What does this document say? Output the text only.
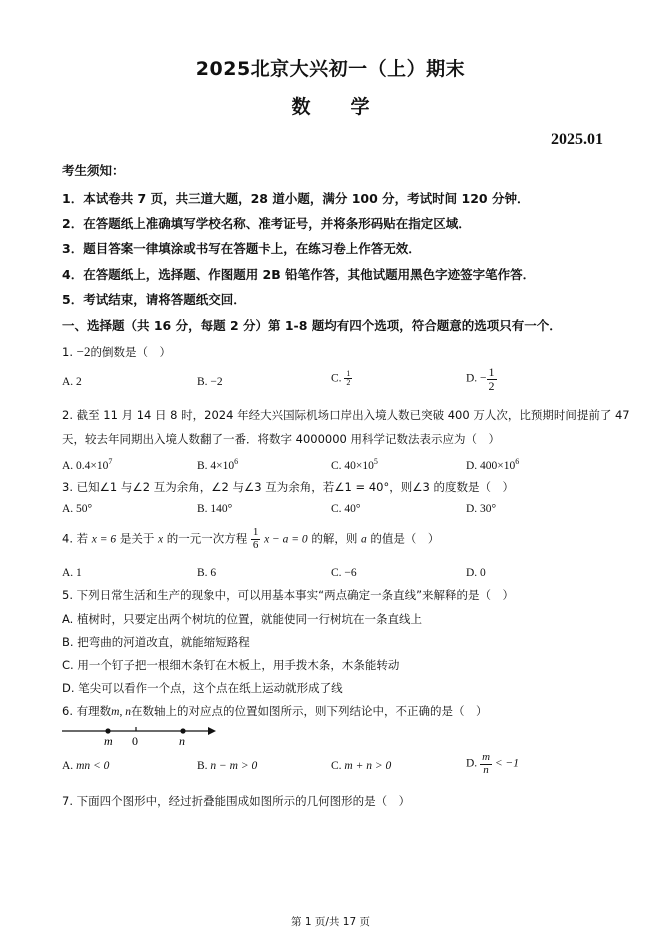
2025北京大兴初一（上）期末
数学
2025.01
考生须知：
1．本试卷共 7 页，共三道大题，28 道小题，满分 100 分，考试时间 120 分钟．
2．在答题纸上准确填写学校名称、准考证号，并将条形码贴在指定区域．
3．题目答案一律填涂或书写在答题卡上，在练习卷上作答无效．
4．在答题纸上，选择题、作图题用 2B 铅笔作答，其他试题用黑色字迹签字笔作答．
5．考试结束，请将答题纸交回．
一、选择题（共 16 分，每题 2 分）第 1-8 题均有四个选项，符合题意的选项只有一个．
1. −2的倒数是（　）
A. 2	B. −2	C. $\frac{1}{2}$	D. − $\frac{1}{2}$
2. 截至 11 月 14 日 8 时，2024 年经大兴国际机场口岸出入境人数已突破 400 万人次，比预期时间提前了 47
天，较去年同期出入境人数翻了一番．将数字 4000000 用科学记数法表示应为（　）
A. $0.4\times 10^7$	B. $4\times 10^6$	C. $40\times 10^5$	D. $400\times 10^6$
3. 已知∠1 与∠2 互为余角，∠2 与∠3 互为余角，若∠1 = 40°，则∠3 的度数是（　）
A. 50°	B. 140°	C. 40°	D. 30°
4. 若 x = 6 是关于 x 的一元一次方程 $\frac{1}{6}$ x − a = 0 的解，则 a 的值是（　）
A. 1	B. 6	C. −6	D. 0
5. 下列日常生活和生产的现象中，可以用基本事实“两点确定一条直线”来解释的是（　）
A. 植树时，只要定出两个树坑的位置，就能使同一行树坑在一条直线上
B. 把弯曲的河道改直，就能缩短路程
C. 用一个钉子把一根细木条钉在木板上，用手拨木条，木条能转动
D. 笔尖可以看作一个点，这个点在纸上运动就形成了线
6. 有理数m, n在数轴上的对应点的位置如图所示，则下列结论中，不正确的是（　）
m 0	n
A. mn < 0	B. n − m > 0	C. m + n > 0	D. $\frac{m}{n} < -1$
7. 下面四个图形中，经过折叠能围成如图所示的几何图形的是（　）
第 1 页/共 17 页
